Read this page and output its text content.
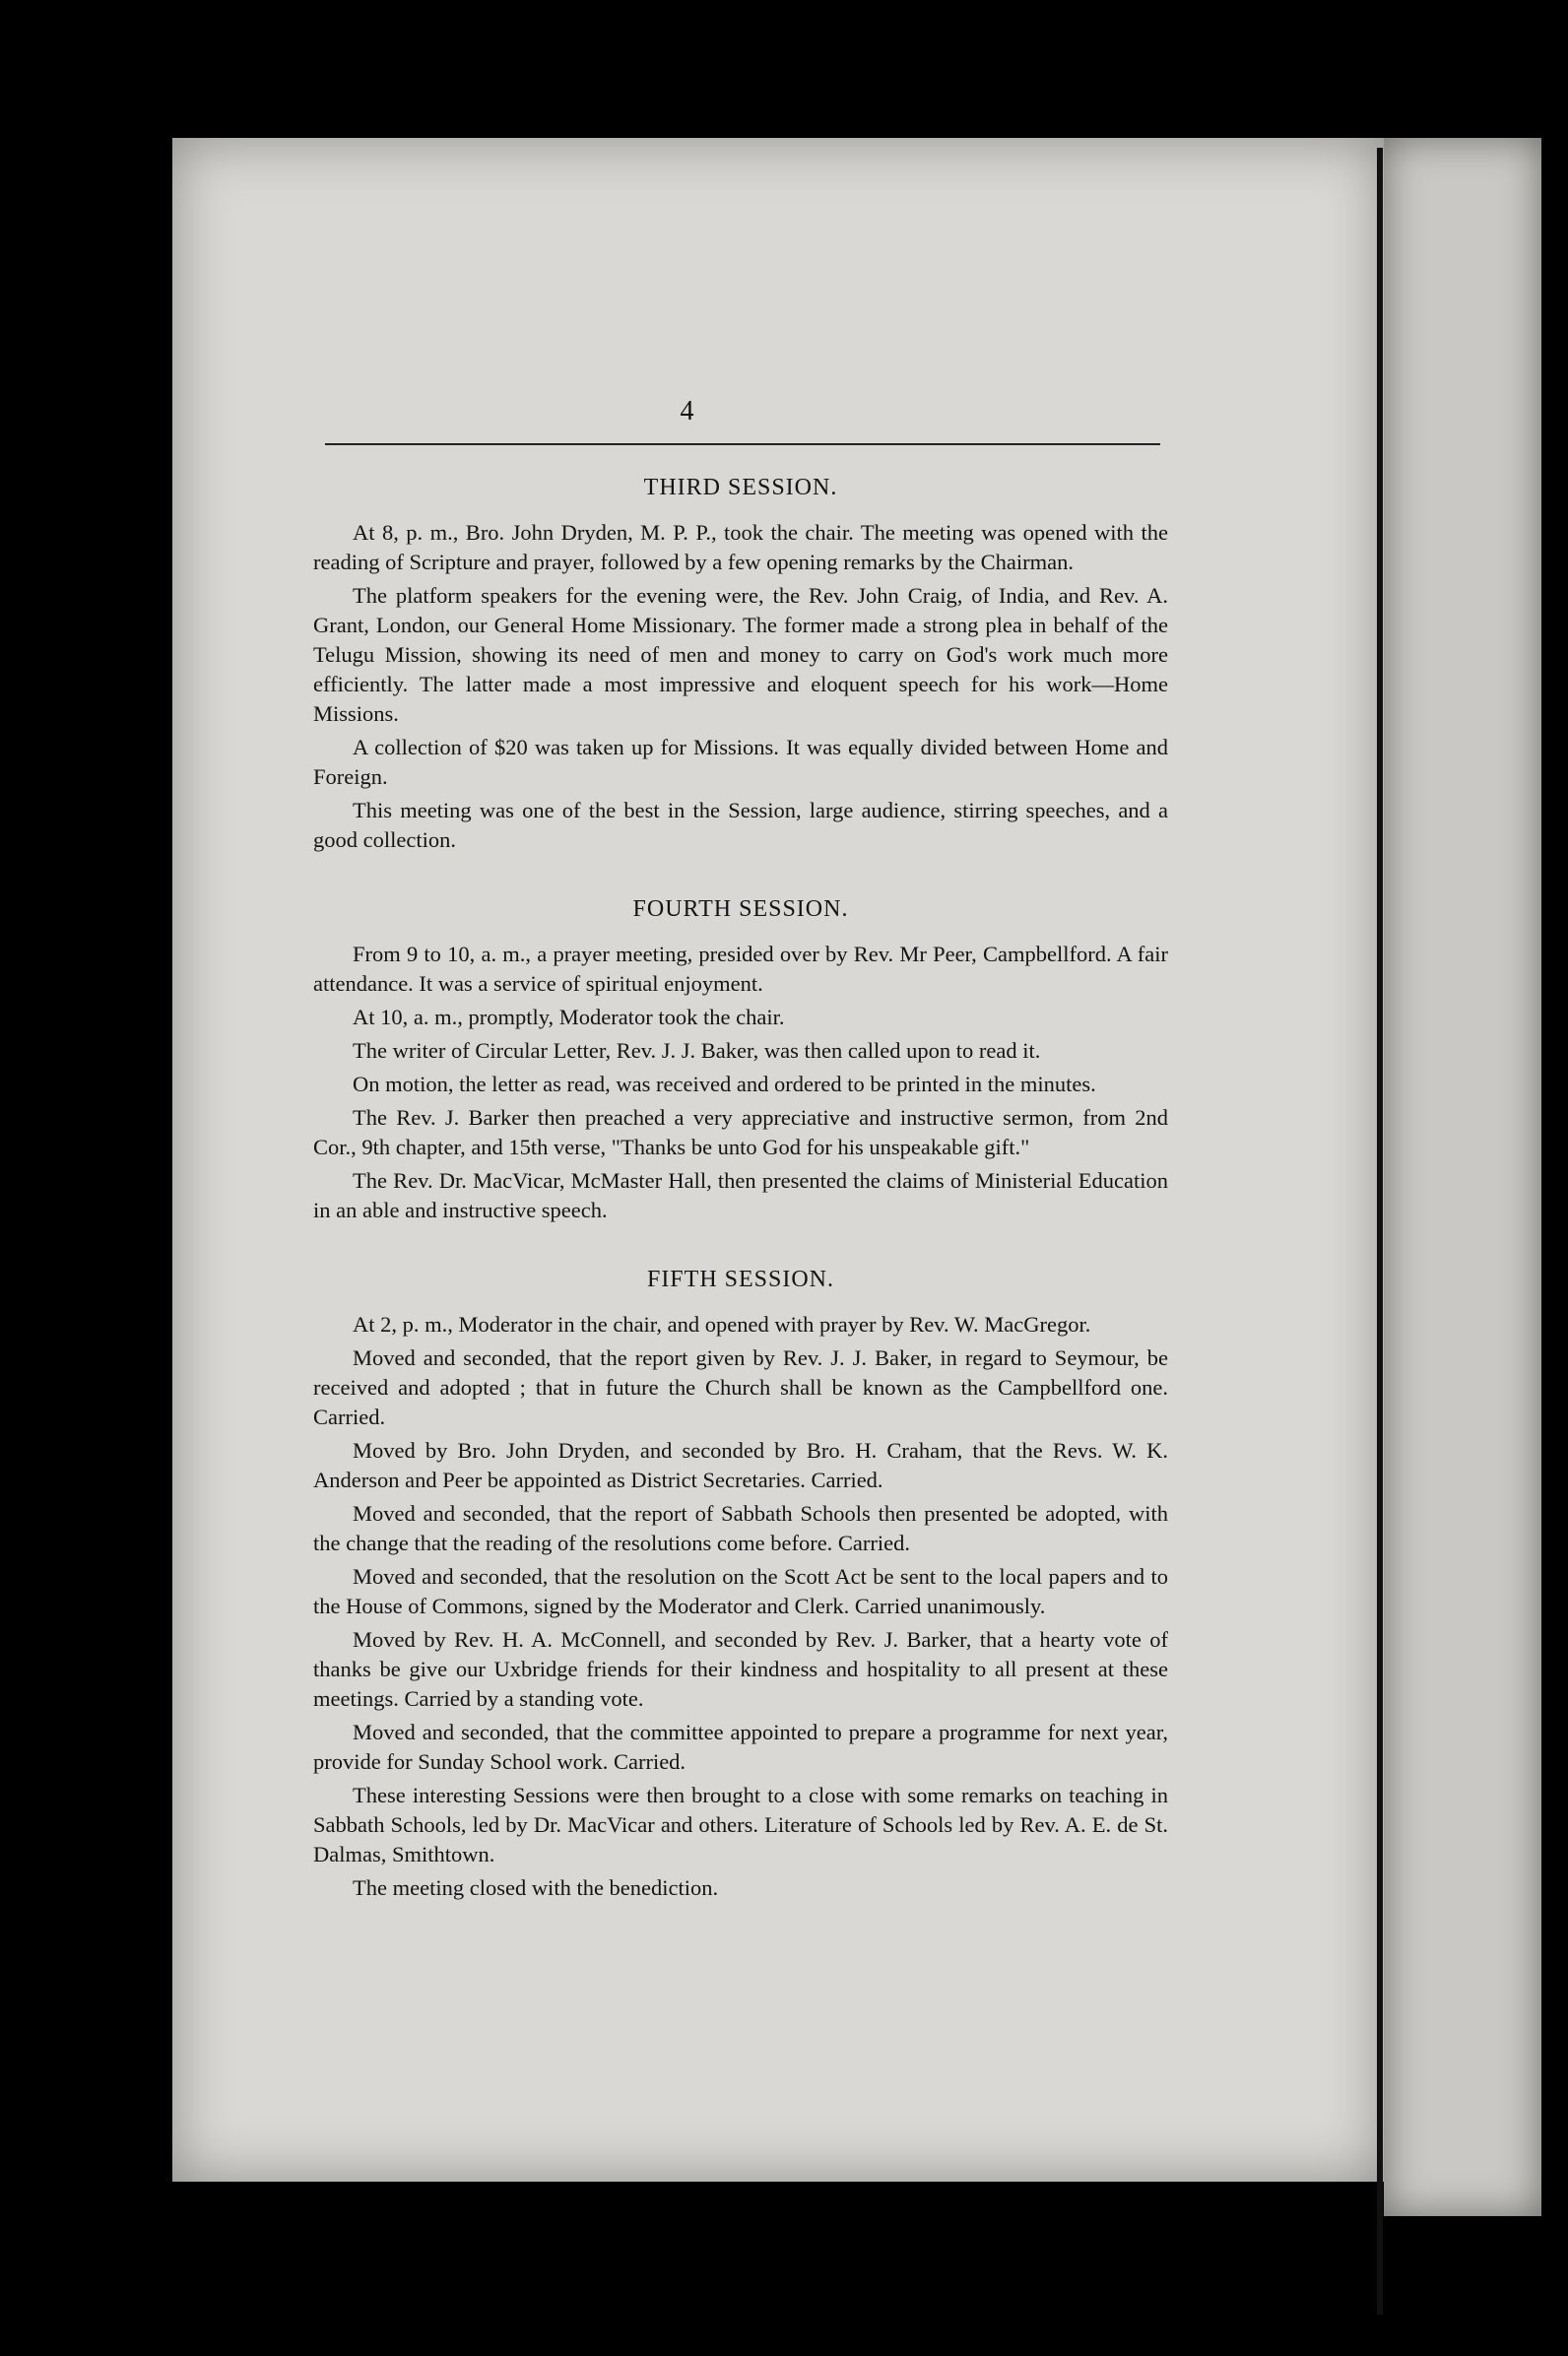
4
THIRD SESSION.

At 8, p. m., Bro. John Dryden, M. P. P., took the chair. The meeting was opened with the reading of Scripture and prayer, followed by a few opening remarks by the Chairman.

The platform speakers for the evening were, the Rev. John Craig, of India, and Rev. A. Grant, London, our General Home Missionary. The former made a strong plea in behalf of the Telugu Mission, showing its need of men and money to carry on God's work much more efficiently. The latter made a most impressive and eloquent speech for his work—Home Missions.

A collection of $20 was taken up for Missions. It was equally divided between Home and Foreign.

This meeting was one of the best in the Session, large audience, stirring speeches, and a good collection.

FOURTH SESSION.

From 9 to 10, a. m., a prayer meeting, presided over by Rev. Mr Peer, Campbellford. A fair attendance. It was a service of spiritual enjoyment.

At 10, a. m., promptly, Moderator took the chair.

The writer of Circular Letter, Rev. J. J. Baker, was then called upon to read it.

On motion, the letter as read, was received and ordered to be printed in the minutes.

The Rev. J. Barker then preached a very appreciative and instructive sermon, from 2nd Cor., 9th chapter, and 15th verse, "Thanks be unto God for his unspeakable gift."

The Rev. Dr. MacVicar, McMaster Hall, then presented the claims of Ministerial Education in an able and instructive speech.

FIFTH SESSION.

At 2, p. m., Moderator in the chair, and opened with prayer by Rev. W. MacGregor.

Moved and seconded, that the report given by Rev. J. J. Baker, in regard to Seymour, be received and adopted ; that in future the Church shall be known as the Campbellford one. Carried.

Moved by Bro. John Dryden, and seconded by Bro. H. Craham, that the Revs. W. K. Anderson and Peer be appointed as District Secretaries. Carried.

Moved and seconded, that the report of Sabbath Schools then presented be adopted, with the change that the reading of the resolutions come before. Carried.

Moved and seconded, that the resolution on the Scott Act be sent to the local papers and to the House of Commons, signed by the Moderator and Clerk. Carried unanimously.

Moved by Rev. H. A. McConnell, and seconded by Rev. J. Barker, that a hearty vote of thanks be give our Uxbridge friends for their kindness and hospitality to all present at these meetings. Carried by a standing vote.

Moved and seconded, that the committee appointed to prepare a programme for next year, provide for Sunday School work. Carried.

These interesting Sessions were then brought to a close with some remarks on teaching in Sabbath Schools, led by Dr. MacVicar and others. Literature of Schools led by Rev. A. E. de St. Dalmas, Smithtown.

The meeting closed with the benediction.
